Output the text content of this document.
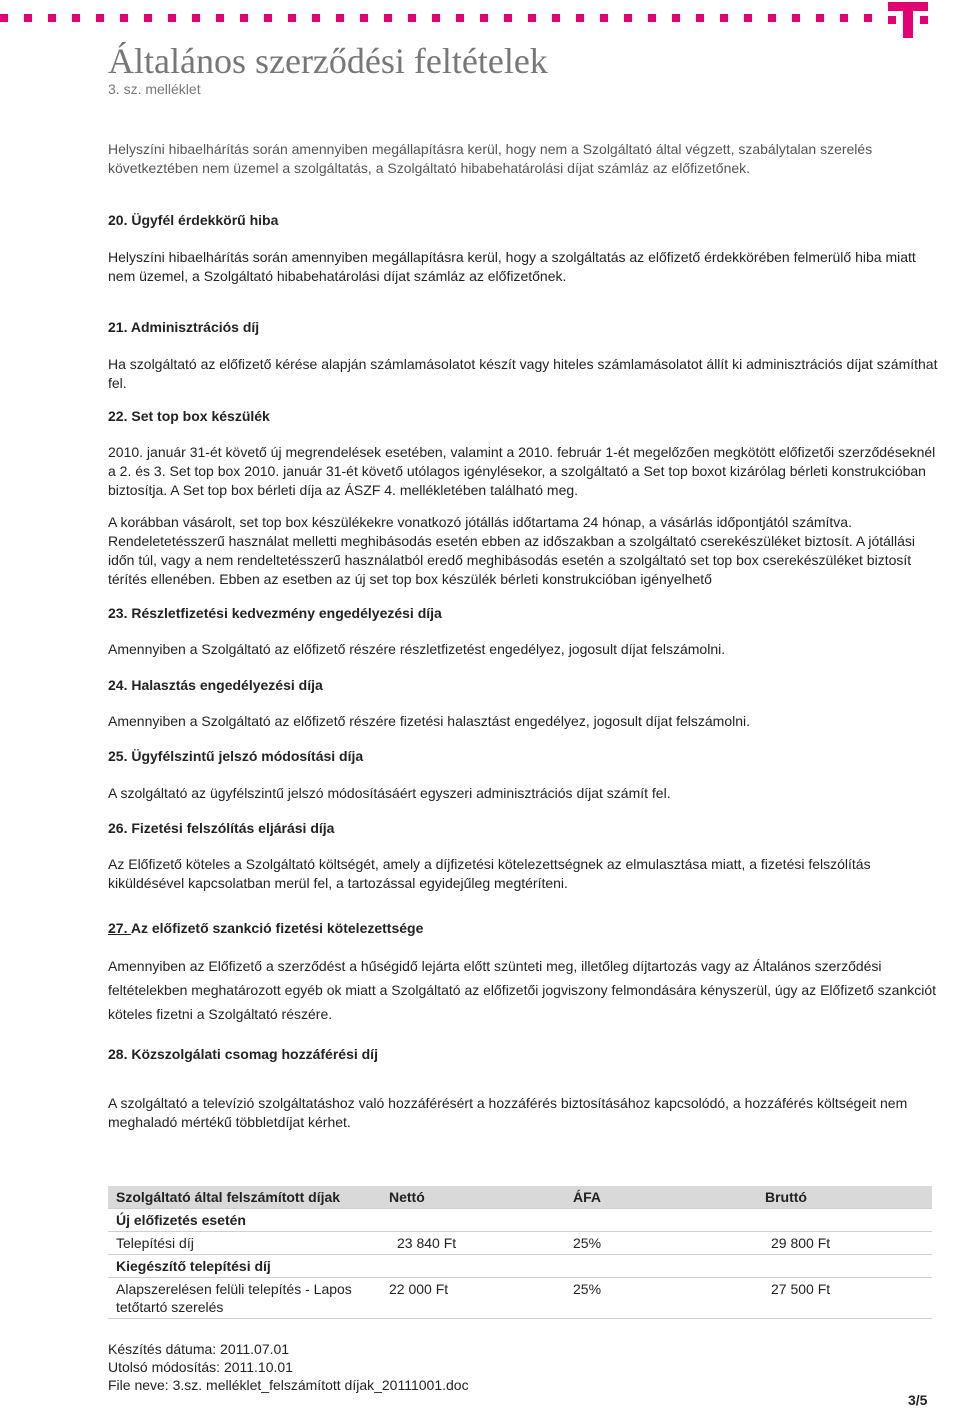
Általános szerződési feltételek
3. sz. melléklet

Helyszíni hibaelhárítás során amennyiben megállapításra kerül, hogy nem a Szolgáltató által végzett, szabálytalan szerelés következtében nem üzemel a szolgáltatás, a Szolgáltató hibabehatárolási díjat számláz az előfizetőnek.

20. Ügyfél érdekkörű hiba

Helyszíni hibaelhárítás során amennyiben megállapításra kerül, hogy a szolgáltatás az előfizető érdekkörében felmerülő hiba miatt nem üzemel, a Szolgáltató hibabehatárolási díjat számláz az előfizetőnek.

21. Adminisztrációs díj

Ha szolgáltató az előfizető kérése alapján számlamásolatot készít vagy hiteles számlamásolatot állít ki adminisztrációs díjat számíthat fel.

22. Set top box készülék

2010. január 31-ét követő új megrendelések esetében, valamint a 2010. február 1-ét megelőzően megkötött előfizetői szerződéseknél a 2. és 3. Set top box 2010. január 31-ét követő utólagos igénylésekor, a szolgáltató a Set top boxot kizárólag bérleti konstrukcióban biztosítja. A Set top box bérleti díja az ÁSZF 4. mellékletében található meg.

A korábban vásárolt, set top box készülékekre vonatkozó jótállás időtartama 24 hónap, a vásárlás időpontjától számítva. Rendeletetésszerű használat melletti meghibásodás esetén ebben az időszakban a szolgáltató cserekészüléket biztosít. A jótállási időn túl, vagy a nem rendeltetésszerű használatból eredő meghibásodás esetén a szolgáltató set top box cserekészüléket biztosít térítés ellenében. Ebben az esetben az új set top box készülék bérleti konstrukcióban igényelhető

23. Részletfizetési kedvezmény engedélyezési díja

Amennyiben a Szolgáltató az előfizető részére részletfizetést engedélyez, jogosult díjat felszámolni.

24. Halasztás engedélyezési díja

Amennyiben a Szolgáltató az előfizető részére fizetési halasztást engedélyez, jogosult díjat felszámolni.

25. Ügyfélszintű jelszó módosítási díja

A szolgáltató az ügyfélszintű jelszó módosításáért egyszeri adminisztrációs díjat számít fel.

26. Fizetési felszólítás eljárási díja

Az Előfizető köteles a Szolgáltató költségét, amely a díjfizetési kötelezettségnek az elmulasztása miatt, a fizetési felszólítás kiküldésével kapcsolatban merül fel, a tartozással egyidejűleg megtéríteni.

27. Az előfizető szankció fizetési kötelezettsége

Amennyiben az Előfizető a szerződést a hűségidő lejárta előtt szünteti meg, illetőleg díjtartozás vagy az Általános szerződési feltételekben meghatározott egyéb ok miatt a Szolgáltató az előfizetői jogviszony felmondására kényszerül, úgy az Előfizető szankciót köteles fizetni a Szolgáltató részére.

28. Közszolgálati csomag hozzáférési díj

A szolgáltató a televízió szolgáltatáshoz való hozzáférésért a hozzáférés biztosításához kapcsolódó, a hozzáférés költségeit nem meghaladó mértékű többletdíjat kérhet.

Szolgáltató által felszámított díjak	Nettó	ÁFA	Bruttó
Új előfizetés esetén			
Telepítési díj	23 840 Ft	25%	29 800 Ft
Kiegészítő telepítési díj			
Alapszerelésen felüli telepítés - Lapos tetőtartó szerelés	22 000 Ft	25%	27 500 Ft
Készítés dátuma: 2011.07.01
Utolsó módosítás: 2011.10.01
File neve: 3.sz. melléklet_felszámított díjak_20111001.doc
3/5
